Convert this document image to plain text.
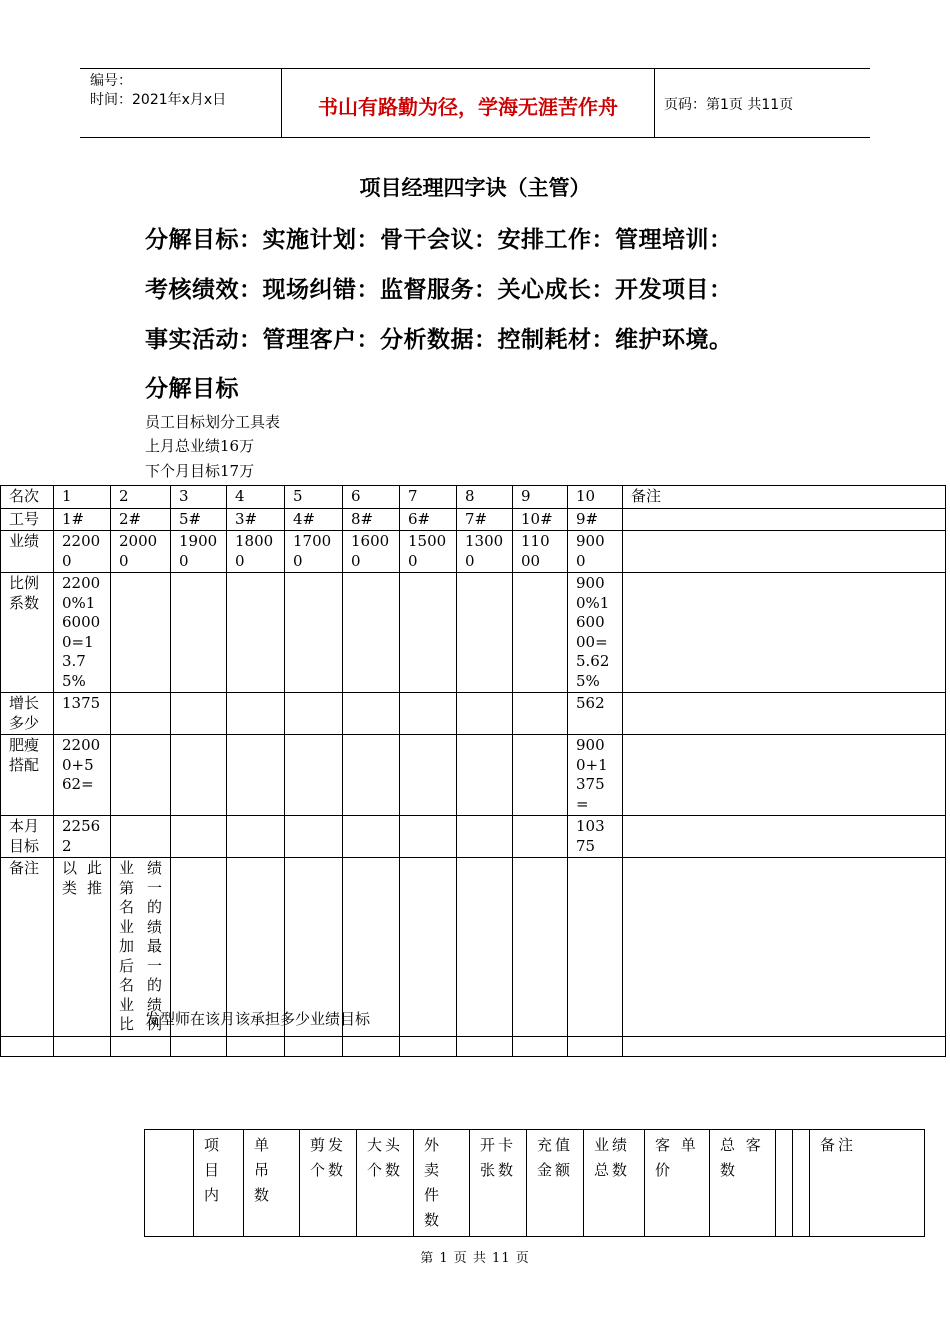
编号：
时间：2021年x月x日	书山有路勤为径，学海无涯苦作舟	页码：第1页 共11页
项目经理四字诀（主管）
分解目标：实施计划：骨干会议：安排工作：管理培训：
考核绩效：现场纠错：监督服务：关心成长：开发项目：
事实活动：管理客户：分析数据：控制耗材：维护环境。
分解目标
员工目标划分工具表
上月总业绩16万
下个月目标17万
名次	1	2	3	4	5	6	7	8	9	10	备注
工号	1#	2#	5#	3#	4#	8#	6#	7#	10#	9#	
业绩	22000	20000	19000	18000	17000	16000	15000	13000	11000	9000	
比例系数	22000%160000=13.75%									9000%160000=5.625%	
增长多少	1375									562	
肥瘦搭配	22000+562=									9000+1375=	
本月目标	22562									10375	
备注	以此类推	业绩第一名的业绩加最后一名的业绩比例									

发型师在该月该承担多少业绩目标
	项目内	单吊数	剪发个数	大头个数	外卖件数	开卡张数	充值金额	业绩总数	客 单价	总 客数			备注
第 1 页 共 11 页
